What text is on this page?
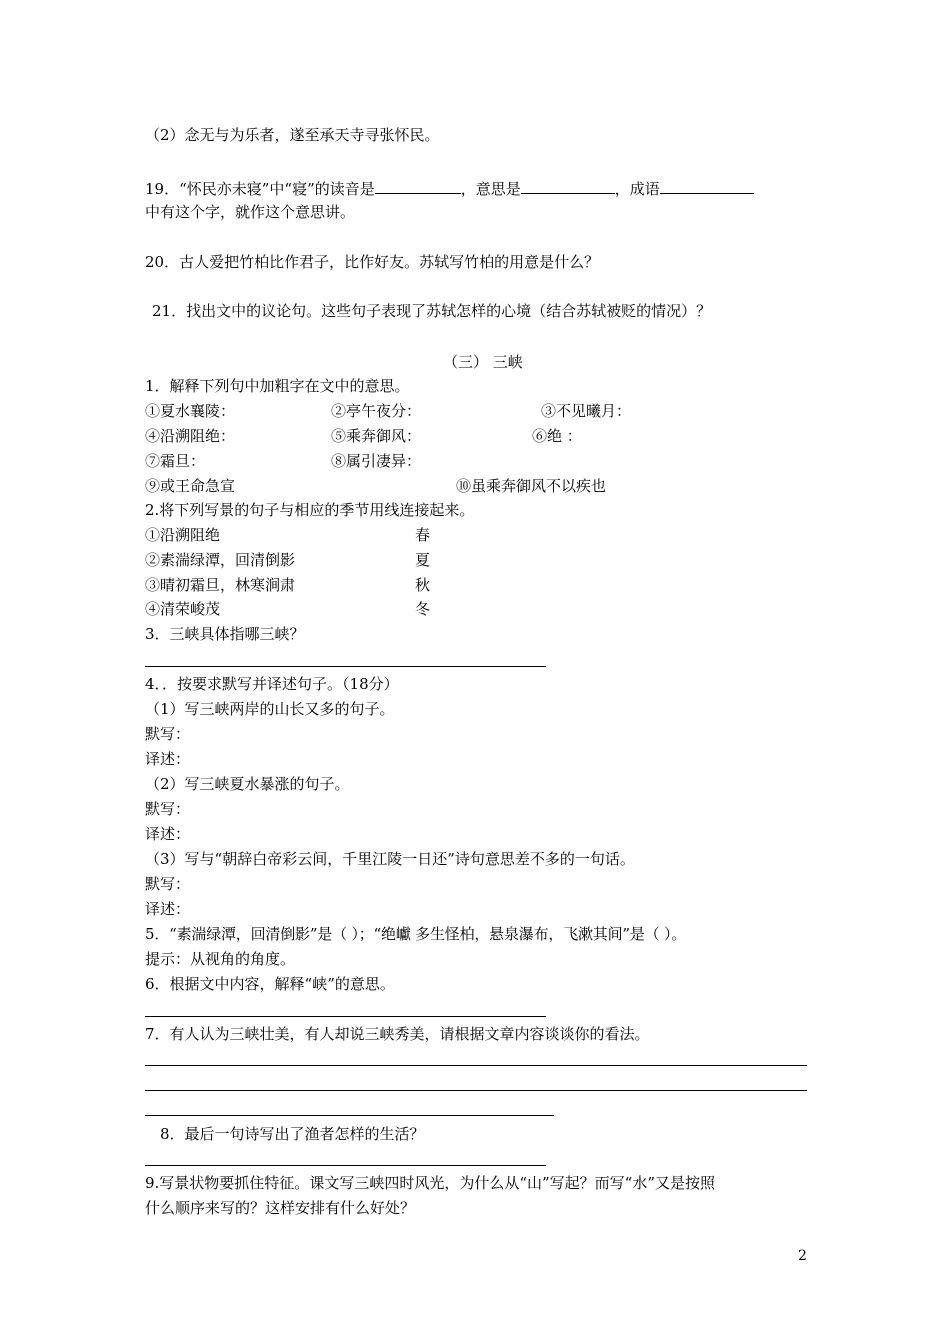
（2）念无与为乐者，遂至承天寺寻张怀民。
19．“怀民亦未寝”中“寝”的读音是	，意思是	，成语
中有这个字，就作这个意思讲。
20．古人爱把竹柏比作君子，比作好友。苏轼写竹柏的用意是什么？
21．找出文中的议论句。这些句子表现了苏轼怎样的心境（结合苏轼被贬的情况）？
（三） 三峡
1．解释下列句中加粗字在文中的意思。
①夏水襄陵：	②亭午夜分：	③不见曦月：
④沿溯阻绝：	⑤乘奔御风：	⑥绝 ：
⑦霜旦：	⑧属引凄异：
⑨或王命急宣	⑩虽乘奔御风不以疾也
2.将下列写景的句子与相应的季节用线连接起来。
①沿溯阻绝	春
②素湍绿潭，回清倒影	夏
③晴初霜旦，林寒涧肃	秋
④清荣峻茂	冬
3．三峡具体指哪三峡？
4．．按要求默写并译述句子。（18分）
（1）写三峡两岸的山长又多的句子。
默写：
译述：
（2）写三峡夏水暴涨的句子。
默写：
译述：
（3）写与“朝辞白帝彩云间，千里江陵一日还”诗句意思差不多的一句话。
默写：
译述：
5．“素湍绿潭，回清倒影”是（ ）；“绝巘 多生怪柏，悬泉瀑布，飞漱其间”是（ ）。
提示：从视角的角度。
6．根据文中内容，解释“峡”的意思。
7．有人认为三峡壮美，有人却说三峡秀美，请根据文章内容谈谈你的看法。
8．最后一句诗写出了渔者怎样的生活？
9.写景状物要抓住特征。课文写三峡四时风光，为什么从“山”写起？而写“水”又是按照
什么顺序来写的？这样安排有什么好处？
2
